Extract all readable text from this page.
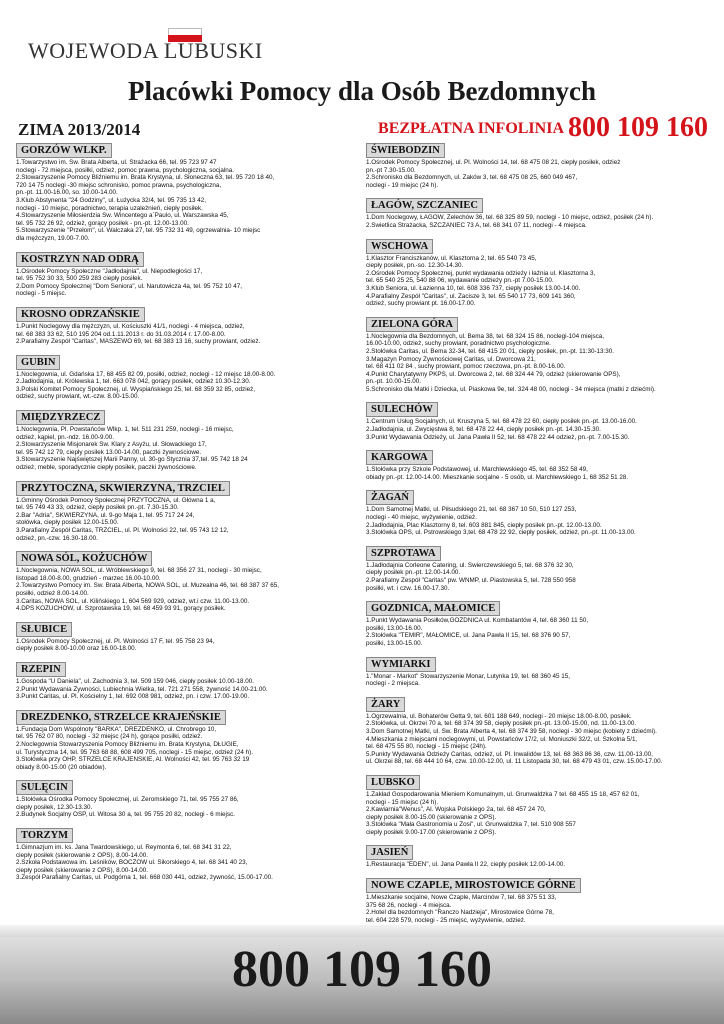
WOJEWODA LUBUSKI
Placówki Pomocy dla Osób Bezdomnych
ZIMA 2013/2014	BEZPŁATNA INFOLINIA 800 109 160
GORZÓW WLKP.
1.Towarzystwo im. Św. Brata Alberta, ul. Strażacka 66, tel. 95 723 97 47
noclegi - 72 miejsca, posiłki, odzież, pomoc prawna, psychologiczna, socjalna.
2.Stowarzyszenie Pomocy Bliźniemu im. Brata Krystyna, ul. Słoneczna 63, tel. 95 720 18 40,
720 14 75 noclegi -30 miejsc schronisko, pomoc prawna, psychologiczna,
pn.-pt. 11.00-16.00, so. 10.00-14.00.
3.Klub Abstynenta "24 Godziny", ul. Łużycka 32/4, tel. 95 735 13 42,
noclegi - 10 miejsc, poradnictwo, terapia uzależnień, ciepły posiłek.
4.Stowarzyszenie Miłosierdzia Św. Wincentego a`Paulo, ul. Warszawska 45,
tel. 95 732 26 92, odzież, gorący posiłek - pn.-pt. 12.00-13.00.
5.Stowarzyszenie "Przełom", ul. Walczaka 27, tel. 95 732 31 49, ogrzewalnia- 10 miejsc
dla mężczyzn, 19.00-7.00.
KOSTRZYN NAD ODRĄ
1.Ośrodek Pomocy Społeczne "Jadłodajnia", ul. Niepodległości 17,
tel. 95 752 30 33, 500 259 283 ciepły posiłek.
2.Dom Pomocy Społecznej "Dom Seniora", ul. Narutowicza 4a, tel. 95 752 10 47,
noclegi - 5 miejsc.
KROSNO ODRZAŃSKIE
1.Punkt Noclegowy dla mężczyzn, ul. Kościuszki 41/1, noclegi - 4 miejsca, odzież,
tel. 68 383 33 62, 510 195 204 od.1.11.2013 r. do 31.03.2014 r. 17.00-8.00.
2.Parafialny Zespół "Caritas", MASZEWO 69, tel. 68 383 13 16, suchy prowiant, odzież.
GUBIN
1.Noclegownia, ul. Gdańska 17, 68 455 82 09, posiłki, odzież, noclegi - 12 miejsc 18.00-8.00.
2.Jadłodajnia, ul. Królewska 1, tel. 663 078 042, gorący posiłek, odzież 10.30-12.30.
3.Polski Komitet Pomocy Społecznej, ul. Wyspiańskiego 25, tel. 68 359 32 85, odzież,
odzież, suchy prowiant, wt.-czw. 8.00-15.00.
MIĘDZYRZECZ
1.Noclegownia, Pl. Powstańców Wlkp. 1, tel. 511 231 259, noclegi - 16 miejsc,
odzież, kąpiel, pn.-ndz. 16.00-9.00.
2.Stowarzyszenie Misjonarek Św. Klary z Asyżu, ul. Słowackiego 17,
tel. 95 742 12 79, ciepły posiłek 13.00-14.00, paczki żywnościowe.
3.Stowarzyszenie Najświętszej Marii Panny, ul. 30-go Stycznia 37,tel. 95 742 18 24
odzież, meble, sporadycznie ciepły posiłek, paczki żywnościowe.
PRZYTOCZNA, SKWIERZYNA, TRZCIEL
1.Gminny Ośrodek Pomocy Społecznej PRZYTOCZNA, ul. Główna 1 a,
tel. 95 749 43 33, odzież, ciepły posiłek pn.-pt. 7.30-15.30.
2.Bar "Adria", SKWIERZYNA, ul. 9-go Maja 1, tel. 95 717 24 24,
stołówka, ciepły posiłek 12.00-15.00.
3.Parafialny Zespół Caritas, TRZCIEL, ul. Pl. Wolności 22, tel. 95 743 12 12,
odzież, pn.-czw. 16.30-18.00.
NOWA SÓL, KOŻUCHÓW
1.Noclegownia, NOWA SÓL, ul. Wróblewskiego 9, tel. 68 356 27 31, noclegi - 30 miejsc,
listopad 18.00-8.00, grudzień - marzec 16.00-10.00.
2.Towarzystwo Pomocy im. Św. Brata Alberta, NOWA SÓL, ul. Muzealna 46, tel. 68 387 37 65,
posiłki, odzież 8.00-14.00.
3.Caritas, NOWA SÓL, ul. Kilińskiego 1, 604 569 929, odzież, wt.i czw. 11.00-13.00.
4.DPS KOŻUCHÓW, ul. Szprotawska 19, tel. 68 459 93 91, gorący posiłek.
SŁUBICE
1.Ośrodek Pomocy Społecznej, ul. Pl. Wolności 17 F, tel. 95 758 23 94,
ciepły posiłek 8.00-10.00 oraz 16.00-18.00.
RZEPIN
1.Gospoda "U Daniela", ul. Zachodnia 3, tel. 509 159 046, ciepły posiłek 10.00-18.00.
2.Punkt Wydawania Żywności, Lubiechnia Wielka, tel. 721 271 558, żywność 14.00-21.00.
3.Punkt Caritas, ul. Pl. Kościelny 1, tel. 692 008 981, odzież, pn. i czw. 17.00-19.00.
DREZDENKO, STRZELCE KRAJEŃSKIE
1.Fundacja Dom Wspólnoty "BARKA", DREZDENKO, ul. Chrobrego 10,
tel. 95 762 07 80, noclegi - 32 miejsc (24 h), gorące posiłki, odzież.
2.Noclegownia Stowarzyszenia Pomocy Bliźniemu im. Brata Krystyna, DŁUGIE,
ul. Turystyczna 14, tel. 95 763 68 88, 608 499 705, noclegi - 15 miejsc, odzież (24 h).
3.Stołówka przy OHP, STRZELCE KRAJEŃSKIE, Al. Wolności 42, tel. 95 763 32 19
obiady 8.00-15.00 (20 obiadów).
SULĘCIN
1.Stołówka Ośrodka Pomocy Społecznej, ul. Żeromskiego 71, tel. 95 755 27 86,
ciepły posiłek, 12.30-13.30.
2.Budynek Socjalny OSP, ul. Witosa 30 a, tel. 95 755 20 82, noclegi - 6 miejsc.
TORZYM
1.Gimnazjum im. ks. Jana Twardowskiego, ul. Reymonta 6, tel. 68 341 31 22,
ciepły posiłek (skierowanie z OPS), 8.00-14.00.
2.Szkoła Podstawowa im. Leśników, BOCZÓW ul. Sikorskiego 4, tel. 68 341 40 23,
ciepły posiłek (skierowanie z OPS), 8.00-14.00.
3.Zespół Parafialny Caritas, ul. Podgórna 1, tel. 668 030 441, odzież, żywność, 15.00-17.00.
ŚWIEBODZIN
1.Ośrodek Pomocy Społecznej, ul. Pl. Wolności 14, tel. 68 475 08 21, ciepły posiłek, odzież
pn.-pt 7.30-15.00.
2.Schronisko dla Bezdomnych, ul. Żaków 3, tel. 68 475 08 25, 660 049 467,
noclegi - 19 miejsc (24 h).
ŁAGÓW, SZCZANIEC
1.Dom Noclegowy, ŁAGÓW, Żelechów 36, tel. 68 325 89 59, noclegi - 10 miejsc, odzież, posiłek (24 h).
2.Świetlica Strażacka, SZCZANIEC 73 A, tel. 68 341 07 11, noclegi - 4 miejsca.
WSCHOWA
1.Klasztor Franciszkanów, ul. Klasztorna 2, tel. 65 540 73 45,
ciepły posiłek, pn.-so. 12.30-14.30.
2.Ośrodek Pomocy Społecznej, punkt wydawania odzieży i łaźnia ul. Klasztorna 3,
tel. 65 540 25 25, 540 88 06, wydawanie odzieży pn.-pt 7.00-15.00.
3.Klub Seniora, ul. Łazienna 10, tel. 608 336 737, ciepły posiłek 13.00-14.00.
4.Parafialny Zespół "Caritas", ul. Zacisze 3, tel. 65 540 17 73, 609 141 360,
odzież, suchy prowiant pt. 16.00-17.00.
ZIELONA GÓRA
1.Noclegownia dla Bezdomnych, ul. Bema 38, tel. 68 324 15 86, noclegi-104 miejsca,
16.00-10.00, odzież, suchy prowiant, poradnictwo psychologiczne.
2.Stołówka Caritas, ul. Bema 32-34, tel. 68 415 20 01, ciepły posiłek, pn.-pt. 11:30-13:30.
3.Magazyn Pomocy Żywnościowej Caritas, ul. Dworcowa 21,
tel. 68 411 02 84 , suchy prowiant, pomoc rzeczowa, pn.-pt. 8.00-16.00.
4.Punkt Charytatywny PKPS, ul. Dworcowa 2, tel. 68 324 44 79, odzież (skierowanie OPS),
pn.-pt. 10.00-15.00.
5.Schronisko dla Matki i Dziecka, ul. Piaskowa 9e, tel. 324 48 00, noclegi - 34 miejsca (matki z dziećmi).
SULECHÓW
1.Centrum Usług Socjalnych, ul. Kruszyna 5, tel. 68 478 22 60, ciepły posiłek pn.-pt. 13.00-16.00.
2.Jadłodajnia, ul. Zwycięstwa 8, tel. 68 478 22 44, ciepły posiłek pn.-pt. 14.30-15.30.
3.Punkt Wydawania Odzieży, ul. Jana Pawła II 52, tel. 68 478 22 44 odzież, pn.-pt. 7.00-15.30.
KARGOWA
1.Stołówka przy Szkole Podstawowej, ul. Marchlewskiego 45, tel. 68 352 58 49,
obiady pn.-pt. 12.00-14.00. Mieszkanie socjalne - 5 osób, ul. Marchlewskiego 1, 68 352 51 28.
ŻAGAŃ
1.Dom Samotnej Matki, ul. Piłsudskiego 21, tel. 68 367 10 50, 510 127 253,
noclegi - 40 miejsc, wyżywienie, odzież.
2.Jadłodajnia, Plac Klasztorny 8, tel. 603 881 845, ciepły posiłek pn.-pt. 12.00-13.00.
3.Stołówka OPS, ul. Pstrowskiego 3,tel. 68 478 22 92, ciepły posiłek, odzież, pn.-pt. 11.00-13.00.
SZPROTAWA
1.Jadłodajnia Corleone Catering, ul. Świerczewskiego 5, tel. 68 376 32 30,
ciepły posiłek pn.-pt. 12.00-14.00.
2.Parafialny Zespół "Caritas" pw. WNMP, ul. Piastowska 5, tel. 728 550 958
posiłki, wt. i czw. 16.00-17.30.
GOZDNICA, MAŁOMICE
1.Punkt Wydawania Posiłków,GOZDNICA ul. Kombatantów 4, tel. 68 360 11 50,
posiłki, 13.00-16.00.
2.Stołówka "TEMIR", MAŁOMICE, ul. Jana Pawła II 15, tel. 68 376 90 57,
posiłki, 13.00-15.00.
WYMIARKI
1."Monar - Markot" Stowarzyszenie Monar, Lutynka 19, tel. 68 360 45 15,
noclegi - 2 miejsca.
ŻARY
1.Ogrzewalnia, ul. Bohaterów Getta 9, tel. 601 188 649, noclegi - 20 miejsc 18.00-8.00, posiłek.
2.Stołówka, ul. Okrzei 70 a, tel. 68 374 39 58, ciepły posiłek pn.-pt. 13.00-15.00, nd. 11.00-13.00.
3.Dom Samotnej Matki, ul. Św. Brata Alberta 4, tel. 68 374 39 58, noclegi - 30 miejsc (kobiety z dziećmi).
4.Mieszkania z miejscami noclegowymi, ul. Powstańców 17/2, ul. Moniuszki 32/2, ul. Szkolna 5/1,
tel. 68 475 55 80, noclegi - 15 miejsc (24h).
5.Punkty Wydawania Odzieży Caritas, odzież, ul. Pl. Inwalidów 13, tel. 68 363 86 36, czw. 11.00-13.00,
ul. Okrzei 88, tel. 68 444 10 64, czw. 10.00-12.00, ul. 11 Listopada 30, tel. 68 479 43 01, czw. 15.00-17.00.
LUBSKO
1.Zakład Gospodarowania Mieniem Komunalnym, ul. Grunwaldzka 7 tel. 68 455 15 18, 457 62 01,
noclegi - 15 miejsc (24 h).
2.Kawiarnia"Wenus", Al. Wojska Polskiego 2a, tel. 68 457 24 70,
ciepły posiłek 8.00-15.00 (skierowanie z OPS).
3.Stołówka "Mała Gastronomia u Zosi", ul. Grunwaldzka 7, tel. 510 908 557
ciepły posiłek 9.00-17.00 (skierowanie z OPS).
JASIEŃ
1.Restauracja "EDEN", ul. Jana Pawła II 22, ciepły posiłek 12.00-14.00.
NOWE CZAPLE, MIROSTOWICE GÓRNE
1.Mieszkanie socjalne, Nowe Czaple, Marcinów 7, tel. 68 375 51 33,
375 68 26, noclegi - 4 miejsca.
2.Hotel dla bezdomnych "Ranczo Nadzieja", Mirostowice Górne 78,
tel. 604 228 579, noclegi - 25 miejsc, wyżywienie, odzież.
800 109 160
